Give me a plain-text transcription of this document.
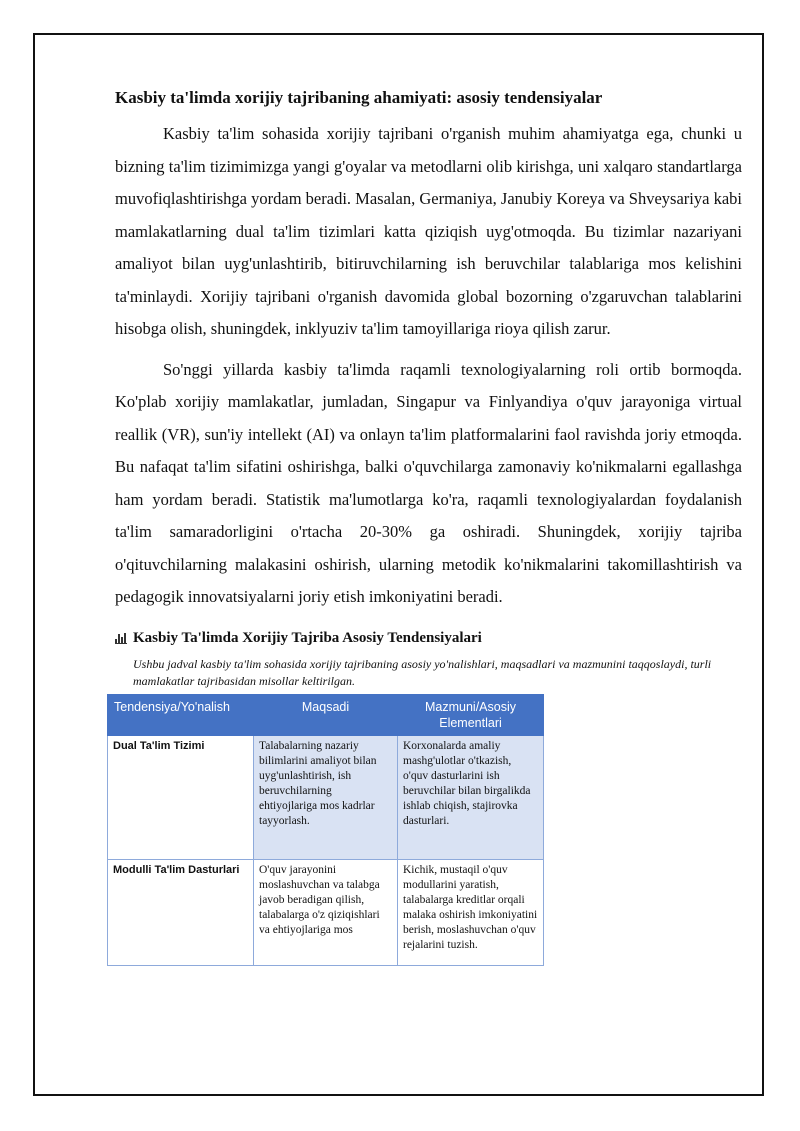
Kasbiy ta'limda xorijiy tajribaning ahamiyati: asosiy tendensiyalar

Kasbiy ta'lim sohasida xorijiy tajribani o'rganish muhim ahamiyatga ega, chunki u bizning ta'lim tizimimizga yangi g'oyalar va metodlarni olib kirishga, uni xalqaro standartlarga muvofiqlashtirishga yordam beradi. Masalan, Germaniya, Janubiy Koreya va Shveysariya kabi mamlakatlarning dual ta'lim tizimlari katta qiziqish uyg'otmoqda. Bu tizimlar nazariyani amaliyot bilan uyg'unlashtirib, bitiruvchilarning ish beruvchilar talablariga mos kelishini ta'minlaydi. Xorijiy tajribani o'rganish davomida global bozorning o'zgaruvchan talablarini hisobga olish, shuningdek, inklyuziv ta'lim tamoyillariga rioya qilish zarur.

So'nggi yillarda kasbiy ta'limda raqamli texnologiyalarning roli ortib bormoqda. Ko'plab xorijiy mamlakatlar, jumladan, Singapur va Finlyandiya o'quv jarayoniga virtual reallik (VR), sun'iy intellekt (AI) va onlayn ta'lim platformalarini faol ravishda joriy etmoqda. Bu nafaqat ta'lim sifatini oshirishga, balki o'quvchilarga zamonaviy ko'nikmalarni egallashga ham yordam beradi. Statistik ma'lumotlarga ko'ra, raqamli texnologiyalardan foydalanish ta'lim samaradorligini o'rtacha 20-30% ga oshiradi. Shuningdek, xorijiy tajriba o'qituvchilarning malakasini oshirish, ularning metodik ko'nikmalarini takomillashtirish va pedagogik innovatsiyalarni joriy etish imkoniyatini beradi.

Kasbiy Ta'limda Xorijiy Tajriba Asosiy Tendensiyalari
Ushbu jadval kasbiy ta'lim sohasida xorijiy tajribaning asosiy yo'nalishlari, maqsadlari va mazmunini taqqoslaydi, turli mamlakatlar tajribasidan misollar keltirilgan.
Tendensiya/Yo'nalish	Maqsadi	Mazmuni/Asosiy Elementlari
Dual Ta'lim Tizimi	Talabalarning nazariy bilimlarini amaliyot bilan uyg'unlashtirish, ish beruvchilarning ehtiyojlariga mos kadrlar tayyorlash.	Korxonalarda amaliy mashg'ulotlar o'tkazish, o'quv dasturlarini ish beruvchilar bilan birgalikda ishlab chiqish, stajirovka dasturlari.
Modulli Ta'lim Dasturlari	O'quv jarayonini moslashuvchan va talabga javob beradigan qilish, talabalarga o'z qiziqishlari va ehtiyojlariga mos	Kichik, mustaqil o'quv modullarini yaratish, talabalarga kreditlar orqali malaka oshirish imkoniyatini berish, moslashuvchan o'quv rejalarini tuzish.
